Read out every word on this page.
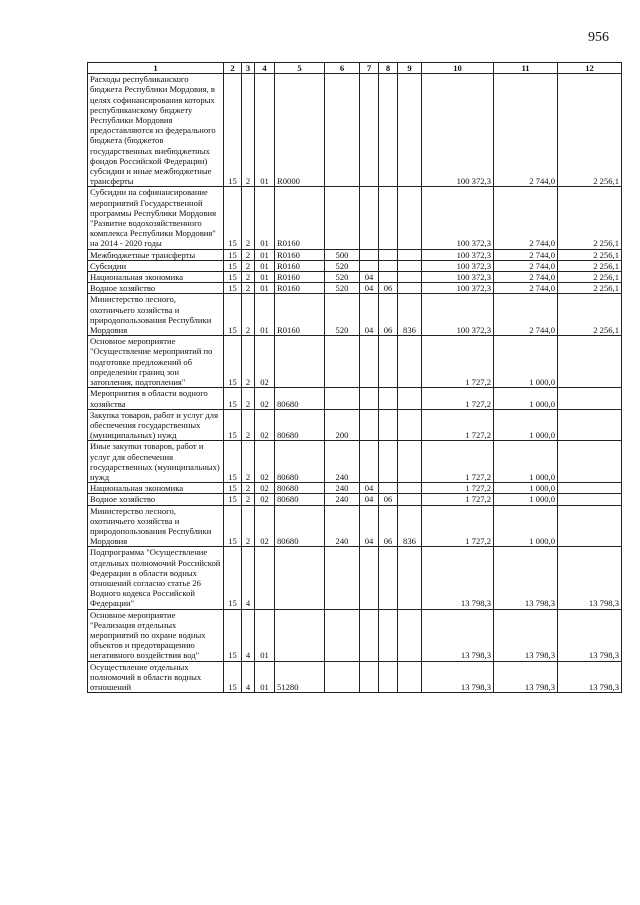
956
1	2	3	4	5	6	7	8	9	10	11	12
Расходы республиканского бюджета Республики Мордовия, в целях софинансирования которых республиканскому бюджету Республики Мордовия предоставляются из федерального бюджета (бюджетов государственных внебюджетных фондов Российской Федерации) субсидии и иные межбюджетные трансферты	15	2	01	R0000					100 372,3	2 744,0	2 256,1
Субсидии на софинансирование мероприятий Государственной программы Республики Мордовия "Развитие водохозяйственного комплекса Республики Мордовия" на 2014 - 2020 годы	15	2	01	R0160					100 372,3	2 744,0	2 256,1
Межбюджетные трансферты	15	2	01	R0160	500				100 372,3	2 744,0	2 256,1
Субсидии	15	2	01	R0160	520				100 372,3	2 744,0	2 256,1
Национальная экономика	15	2	01	R0160	520	04			100 372,3	2 744,0	2 256,1
Водное хозяйство	15	2	01	R0160	520	04	06		100 372,3	2 744,0	2 256,1
Министерство лесного, охотничьего хозяйства и природопользования Республики Мордовия	15	2	01	R0160	520	04	06	836	100 372,3	2 744,0	2 256,1
Основное мероприятие "Осуществление мероприятий по подготовке предложений об определении границ зон затопления, подтопления"	15	2	02						1 727,2	1 000,0	
Мероприятия в области водного хозяйства	15	2	02	80680					1 727,2	1 000,0	
Закупка товаров, работ и услуг для обеспечения государственных (муниципальных) нужд	15	2	02	80680	200				1 727,2	1 000,0	
Иные закупки товаров, работ и услуг для обеспечения государственных (муниципальных) нужд	15	2	02	80680	240				1 727,2	1 000,0	
Национальная экономика	15	2	02	80680	240	04			1 727,2	1 000,0	
Водное хозяйство	15	2	02	80680	240	04	06		1 727,2	1 000,0	
Министерство лесного, охотничьего хозяйства и природопользования Республики Мордовия	15	2	02	80680	240	04	06	836	1 727,2	1 000,0	
Подпрограмма "Осуществление отдельных полномочий Российской Федерации в области водных отношений согласно статье 26 Водного кодекса Российской Федерации"	15	4							13 798,3	13 798,3	13 798,3
Основное мероприятие "Реализация отдельных мероприятий по охране водных объектов и предотвращению негативного воздействия вод"	15	4	01						13 798,3	13 798,3	13 798,3
Осуществление отдельных полномочий в области водных отношений	15	4	01	51280					13 798,3	13 798,3	13 798,3
